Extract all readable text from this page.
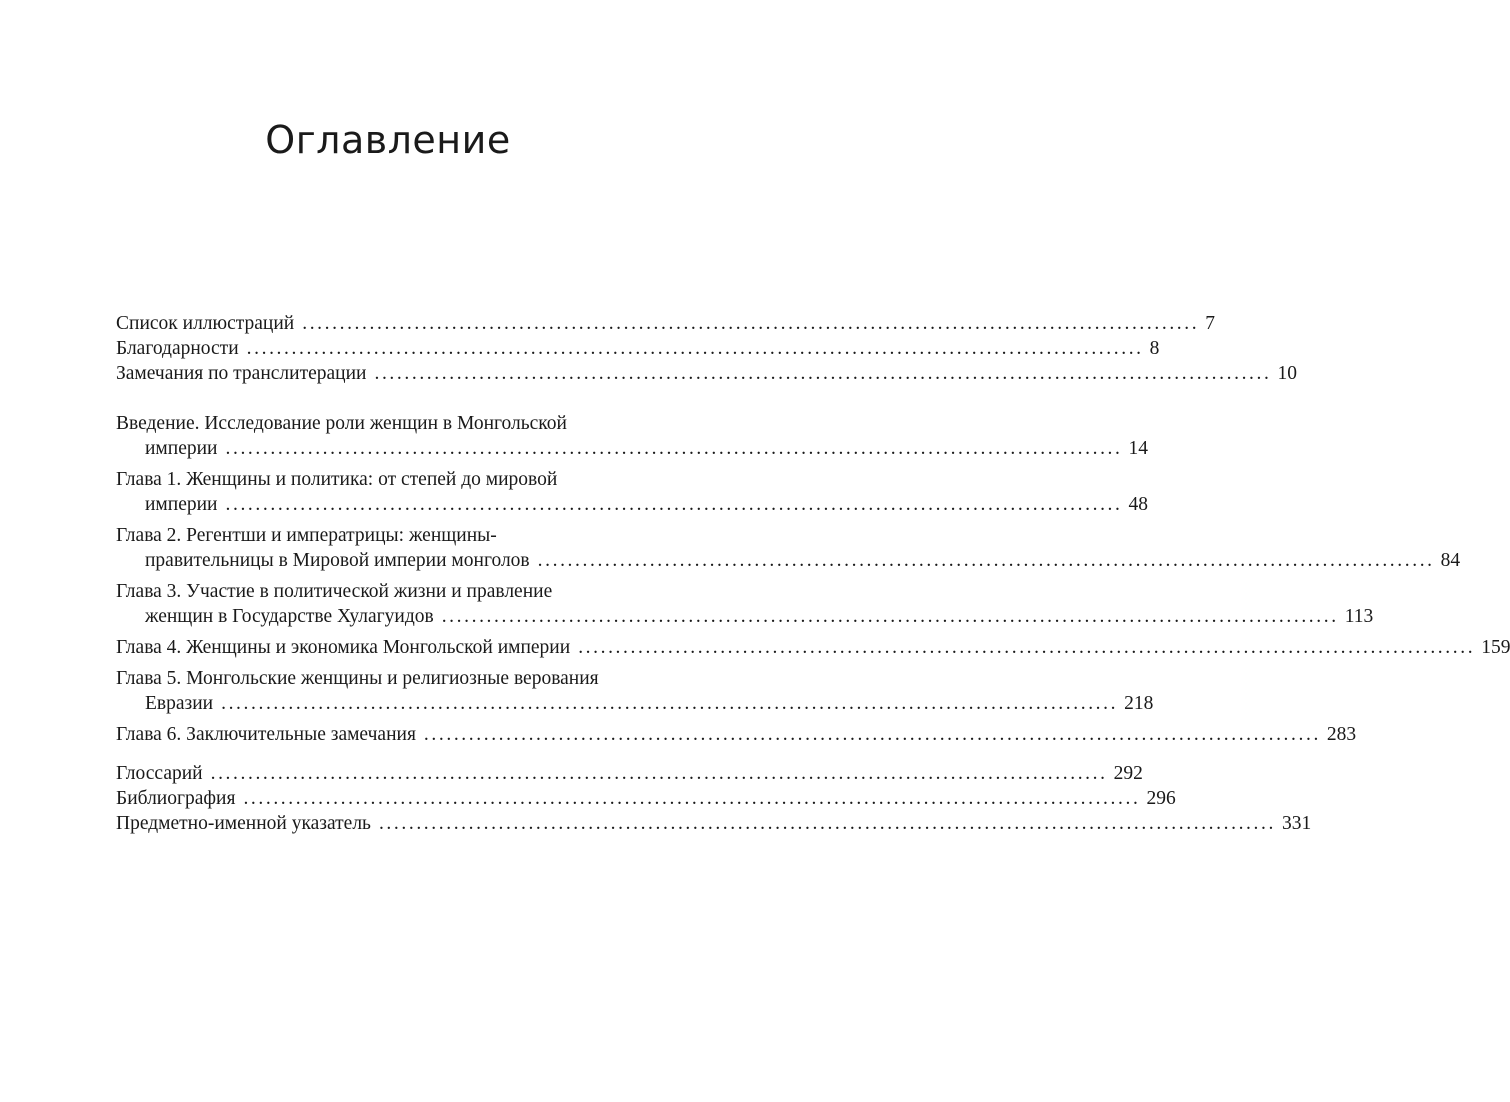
Оглавление
Список иллюстраций ........................................................................................................................ 7
Благодарности ........................................................................................................................ 8
Замечания по транслитерации ........................................................................................................................ 10
Введение. Исследование роли женщин в Монгольской
империи ........................................................................................................................ 14
Глава 1. Женщины и политика: от степей до мировой
империи ........................................................................................................................ 48
Глава 2. Регентши и императрицы: женщины-
правительницы в Мировой империи монголов ........................................................................................................................ 84
Глава 3. Участие в политической жизни и правление
женщин в Государстве Хулагуидов ........................................................................................................................ 113
Глава 4. Женщины и экономика Монгольской империи ........................................................................................................................ 159
Глава 5. Монгольские женщины и религиозные верования
Евразии ........................................................................................................................ 218
Глава 6. Заключительные замечания ........................................................................................................................ 283
Глоссарий ........................................................................................................................ 292
Библиография ........................................................................................................................ 296
Предметно-именной указатель ........................................................................................................................ 331
